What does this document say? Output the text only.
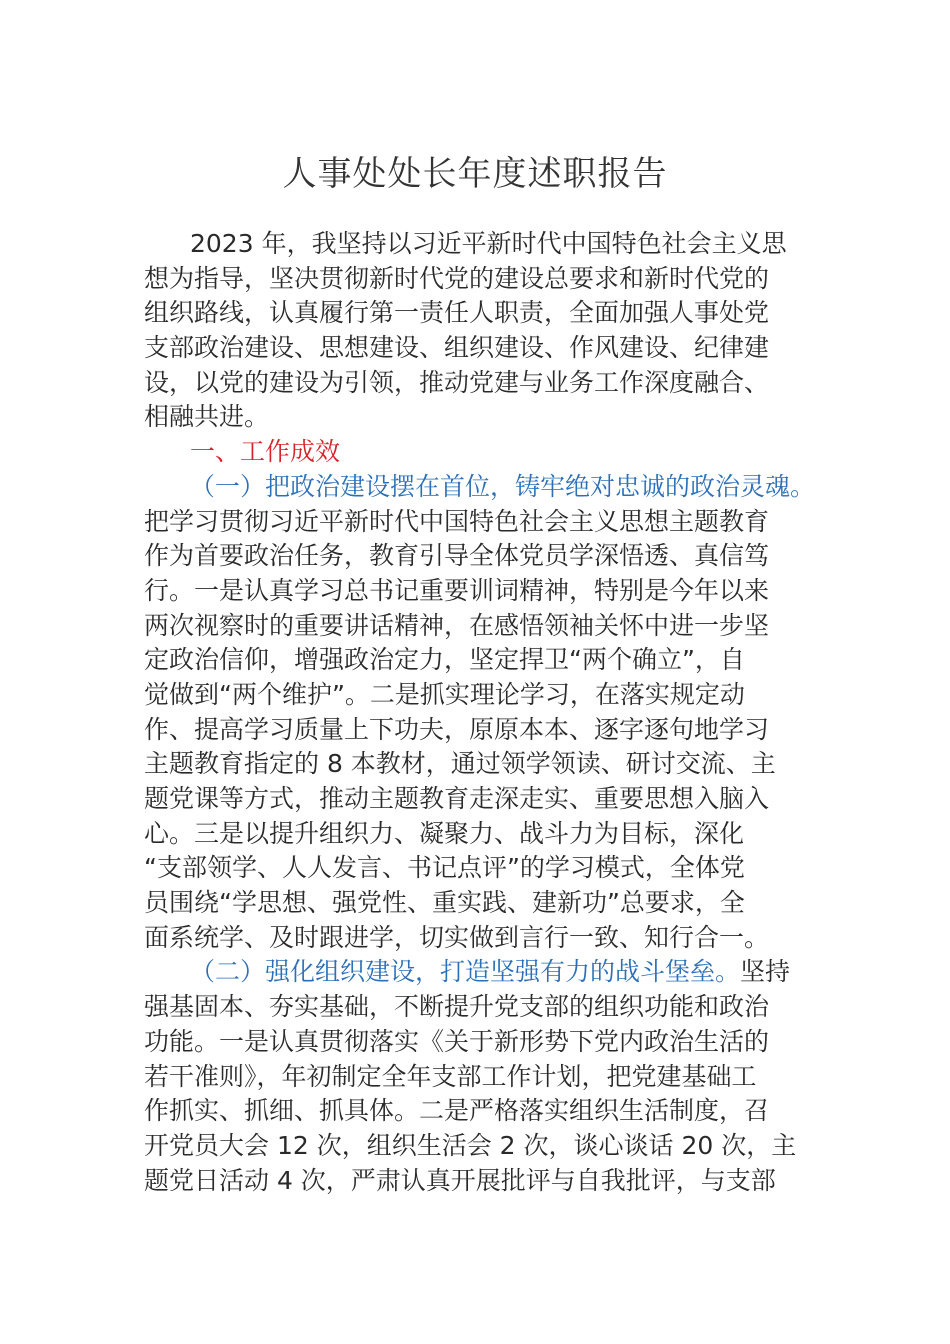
人事处处长年度述职报告
2023 年，我坚持以习近平新时代中国特色社会主义思
想为指导，坚决贯彻新时代党的建设总要求和新时代党的
组织路线，认真履行第一责任人职责，全面加强人事处党
支部政治建设、思想建设、组织建设、作风建设、纪律建
设，以党的建设为引领，推动党建与业务工作深度融合、
相融共进。
一、工作成效
（一）把政治建设摆在首位，铸牢绝对忠诚的政治灵魂。
把学习贯彻习近平新时代中国特色社会主义思想主题教育
作为首要政治任务，教育引导全体党员学深悟透、真信笃
行。一是认真学习总书记重要训词精神，特别是今年以来
两次视察时的重要讲话精神，在感悟领袖关怀中进一步坚
定政治信仰，增强政治定力，坚定捍卫“两个确立”，自
觉做到“两个维护”。二是抓实理论学习，在落实规定动
作、提高学习质量上下功夫，原原本本、逐字逐句地学习
主题教育指定的 8 本教材，通过领学领读、研讨交流、主
题党课等方式，推动主题教育走深走实、重要思想入脑入
心。三是以提升组织力、凝聚力、战斗力为目标，深化
“支部领学、人人发言、书记点评”的学习模式，全体党
员围绕“学思想、强党性、重实践、建新功”总要求，全
面系统学、及时跟进学，切实做到言行一致、知行合一。
（二）强化组织建设，打造坚强有力的战斗堡垒。坚持
强基固本、夯实基础，不断提升党支部的组织功能和政治
功能。一是认真贯彻落实《关于新形势下党内政治生活的
若干准则》，年初制定全年支部工作计划，把党建基础工
作抓实、抓细、抓具体。二是严格落实组织生活制度，召
开党员大会 12 次，组织生活会 2 次，谈心谈话 20 次，主
题党日活动 4 次，严肃认真开展批评与自我批评，与支部
